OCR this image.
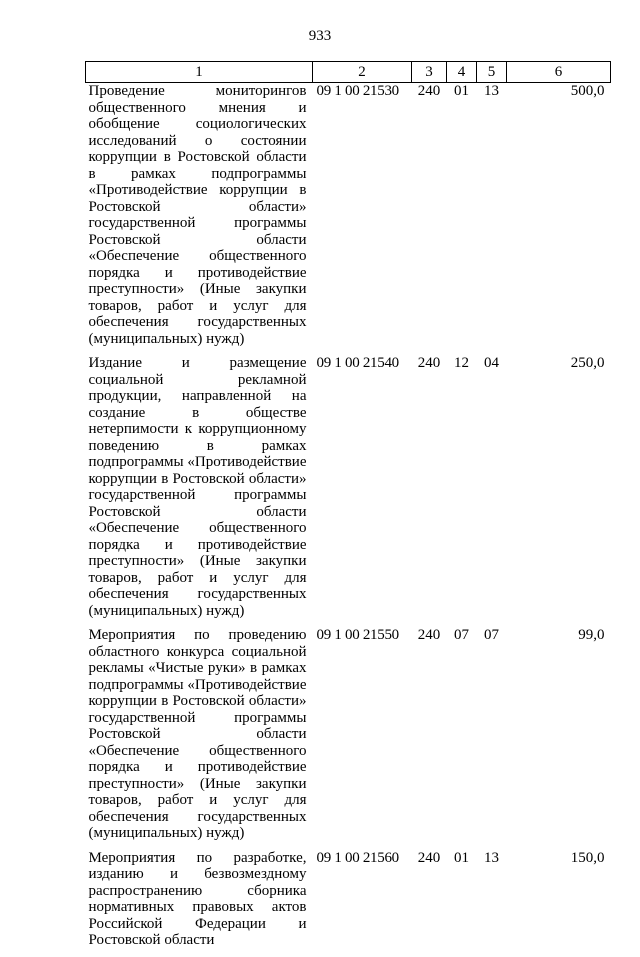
933
1	2	3	4	5	6
Проведение мониторингов общественного мнения и обобщение социологических исследований о состоянии коррупции в Ростовской области в рамках подпрограммы «Противодействие коррупции в Ростовской области» государственной программы Ростовской области «Обеспечение общественного порядка и противодействие преступности» (Иные закупки товаров, работ и услуг для обеспечения государственных (муниципальных) нужд)	09 1 00 21530	240	01	13	500,0
Издание и размещение социальной рекламной продукции, направленной на создание в обществе нетерпимости к коррупционному поведению в рамках подпрограммы «Противодействие коррупции в Ростовской области» государственной программы Ростовской области «Обеспечение общественного порядка и противодействие преступности» (Иные закупки товаров, работ и услуг для обеспечения государственных (муниципальных) нужд)	09 1 00 21540	240	12	04	250,0
Мероприятия по проведению областного конкурса социальной рекламы «Чистые руки» в рамках подпрограммы «Противодействие коррупции в Ростовской области» государственной программы Ростовской области «Обеспечение общественного порядка и противодействие преступности» (Иные закупки товаров, работ и услуг для обеспечения государственных (муниципальных) нужд)	09 1 00 21550	240	07	07	99,0
Мероприятия по разработке, изданию и безвозмездному распространению сборника нормативных правовых актов Российской Федерации и Ростовской области	09 1 00 21560	240	01	13	150,0
